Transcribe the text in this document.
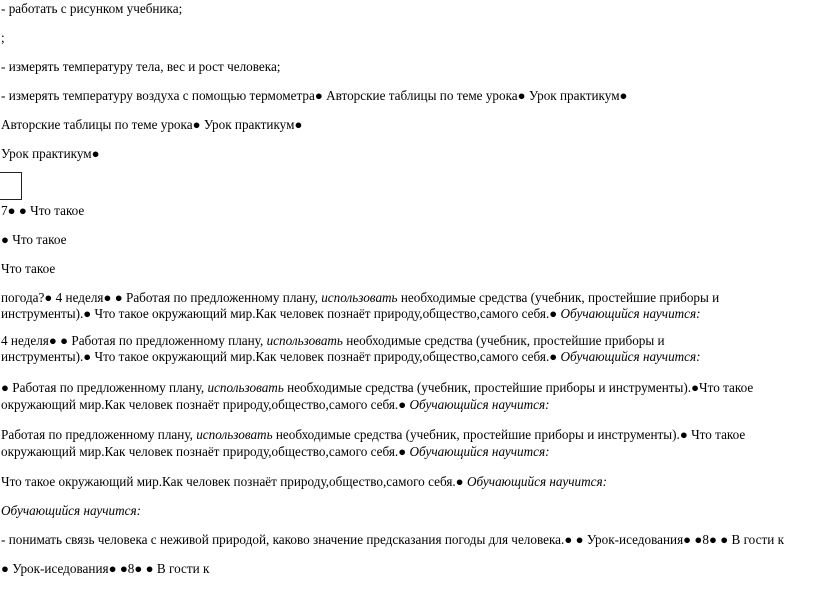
- работать с рисунком учебника;
;
- измерять температуру тела, вес и рост человека;
- измерять температуру воздуха с помощью термометра● Авторские таблицы по теме урока● Урок практикум●
Авторские таблицы по теме урока● Урок практикум●
Урок практикум●
7● ● Что такое
● Что такое
Что такое
погода?● 4 неделя● ● Работая по предложенному плану, использовать необходимые средства (учебник, простейшие приборы и
инструменты).● Что такое окружающий мир.Как человек познаёт природу,общество,самого себя.● Обучающийся научится:
4 неделя● ● Работая по предложенному плану, использовать необходимые средства (учебник, простейшие приборы и
инструменты).● Что такое окружающий мир.Как человек познаёт природу,общество,самого себя.● Обучающийся научится:
● Работая по предложенному плану, использовать необходимые средства (учебник, простейшие приборы и инструменты).●Что такое
окружающий мир.Как человек познаёт природу,общество,самого себя.● Обучающийся научится:
Работая по предложенному плану, использовать необходимые средства (учебник, простейшие приборы и инструменты).● Что такое
окружающий мир.Как человек познаёт природу,общество,самого себя.● Обучающийся научится:
Что такое окружающий мир.Как человек познаёт природу,общество,самого себя.● Обучающийся научится:
Обучающийся научится:
- понимать связь человека с неживой природой, каково значение предсказания погоды для человека.● ● Урок-иседования● ●8● ● В гости к
● Урок-иседования● ●8● ● В гости к
